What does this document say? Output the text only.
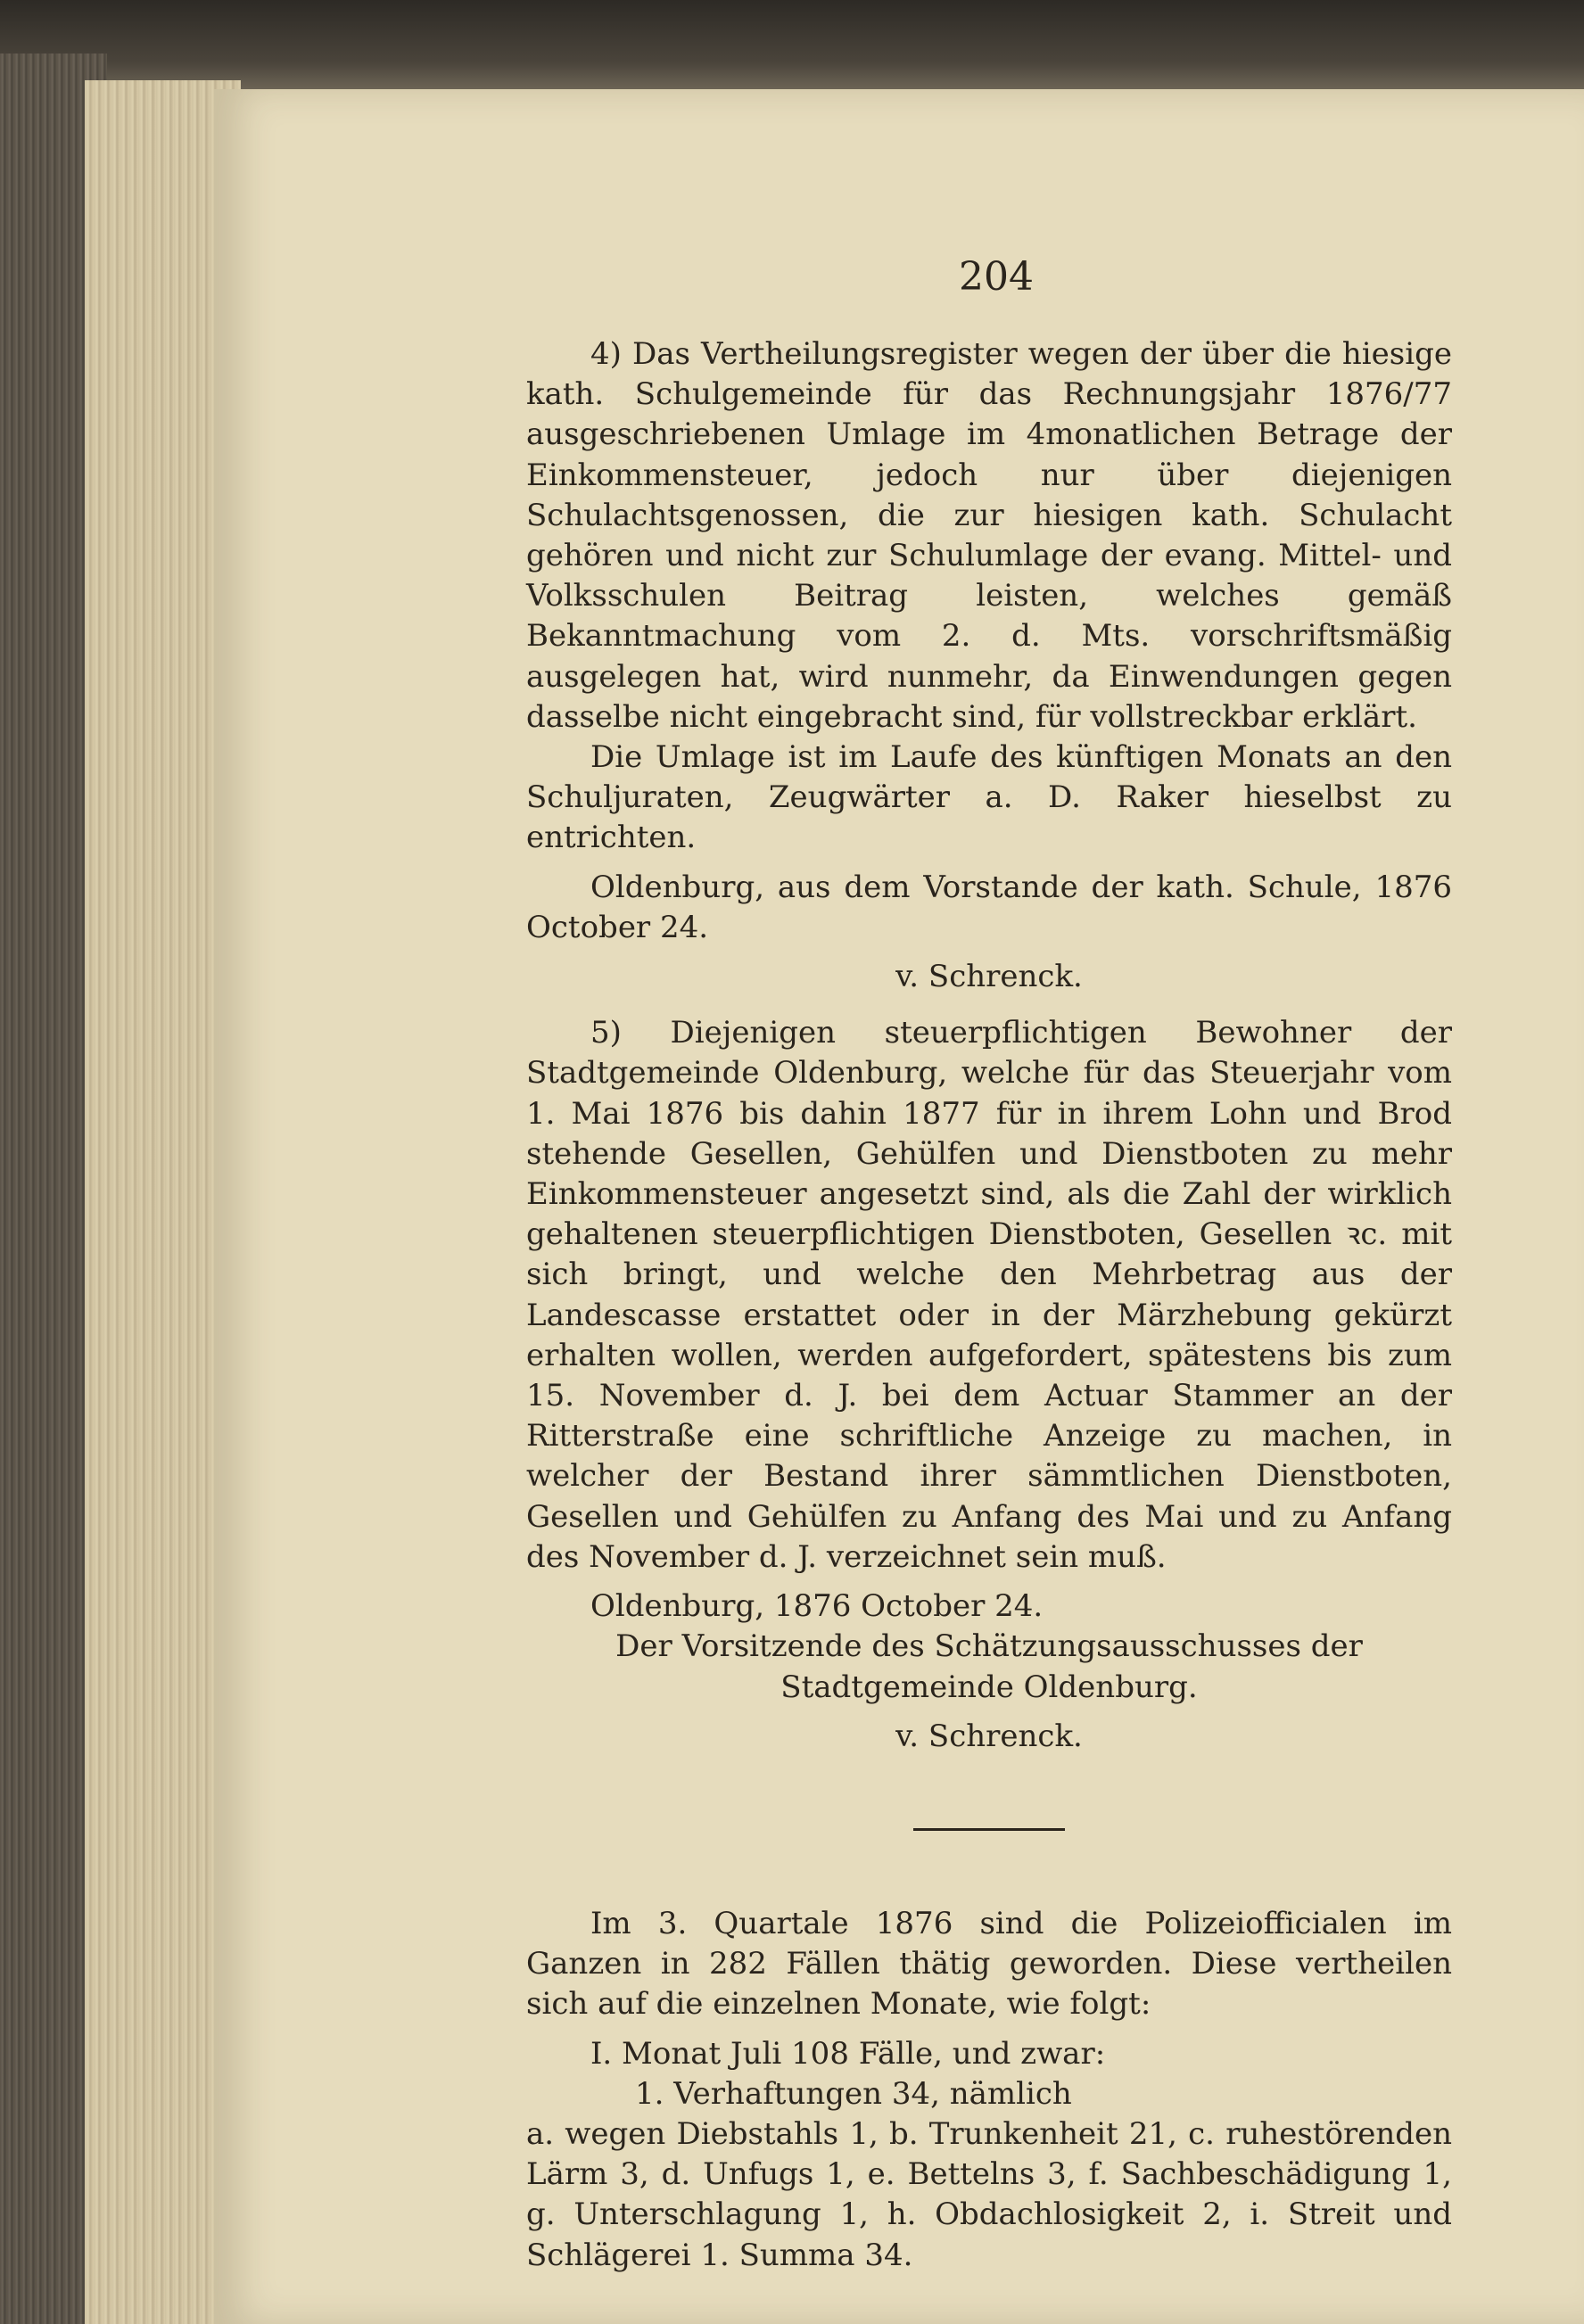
204

4) Das Vertheilungsregister wegen der über die hiesige kath. Schulgemeinde für das Rechnungsjahr 1876/77 ausgeschriebenen Umlage im 4monatlichen Betrage der Einkommensteuer, jedoch nur über diejenigen Schulachtsgenossen, die zur hiesigen kath. Schulacht gehören und nicht zur Schulumlage der evang. Mittel- und Volksschulen Beitrag leisten, welches gemäß Bekanntmachung vom 2. d. Mts. vorschriftsmäßig ausgelegen hat, wird nunmehr, da Einwendungen gegen dasselbe nicht eingebracht sind, für vollstreckbar erklärt.

Die Umlage ist im Laufe des künftigen Monats an den Schuljuraten, Zeugwärter a. D. Raker hieselbst zu entrichten.

Oldenburg, aus dem Vorstande der kath. Schule, 1876 October 24.

v. Schrenck.

5) Diejenigen steuerpflichtigen Bewohner der Stadtgemeinde Oldenburg, welche für das Steuerjahr vom 1. Mai 1876 bis dahin 1877 für in ihrem Lohn und Brod stehende Gesellen, Gehülfen und Dienstboten zu mehr Einkommensteuer angesetzt sind, als die Zahl der wirklich gehaltenen steuerpflichtigen Dienstboten, Gesellen ꝛc. mit sich bringt, und welche den Mehrbetrag aus der Landescasse erstattet oder in der Märzhebung gekürzt erhalten wollen, werden aufgefordert, spätestens bis zum 15. November d. J. bei dem Actuar Stammer an der Ritterstraße eine schriftliche Anzeige zu machen, in welcher der Bestand ihrer sämmtlichen Dienstboten, Gesellen und Gehülfen zu Anfang des Mai und zu Anfang des November d. J. verzeichnet sein muß.

Oldenburg, 1876 October 24.

Der Vorsitzende des Schätzungsausschusses der Stadtgemeinde Oldenburg.

v. Schrenck.

Im 3. Quartale 1876 sind die Polizeiofficialen im Ganzen in 282 Fällen thätig geworden. Diese vertheilen sich auf die einzelnen Monate, wie folgt:

I. Monat Juli 108 Fälle, und zwar:

1. Verhaftungen 34, nämlich

a. wegen Diebstahls 1, b. Trunkenheit 21, c. ruhestörenden Lärm 3, d. Unfugs 1, e. Bettelns 3, f. Sachbeschädigung 1, g. Unterschlagung 1, h. Obdachlosigkeit 2, i. Streit und Schlägerei 1. Summa 34.
